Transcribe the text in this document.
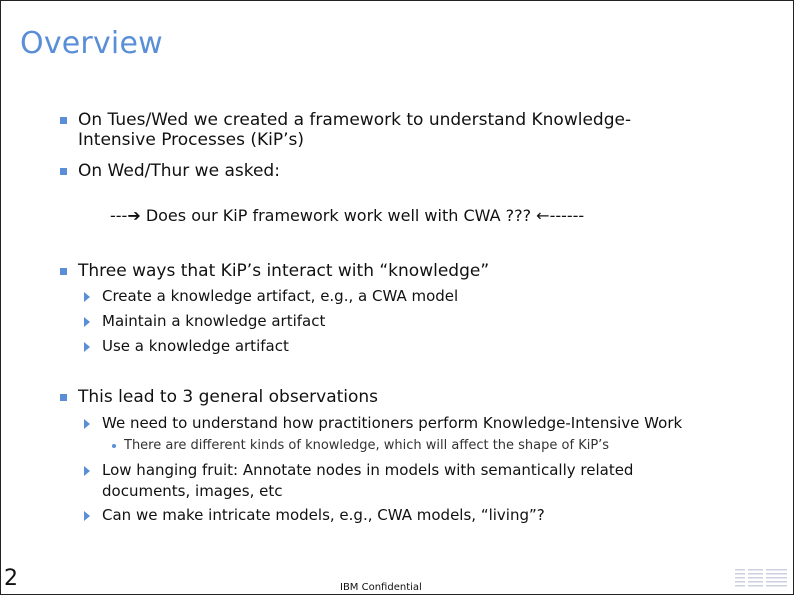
Overview
On Tues/Wed we created a framework to understand Knowledge-
Intensive Processes (KiP’s)
On Wed/Thur we asked:
---➔ Does our KiP framework work well with CWA ??? ←------
Three ways that KiP’s interact with “knowledge”
Create a knowledge artifact, e.g., a CWA model
Maintain a knowledge artifact
Use a knowledge artifact
This lead to 3 general observations
We need to understand how practitioners perform Knowledge-Intensive Work
There are different kinds of knowledge, which will affect the shape of KiP’s
Low hanging fruit: Annotate nodes in models with semantically related
documents, images, etc
Can we make intricate models, e.g., CWA models, “living”?
2	IBM Confidential
